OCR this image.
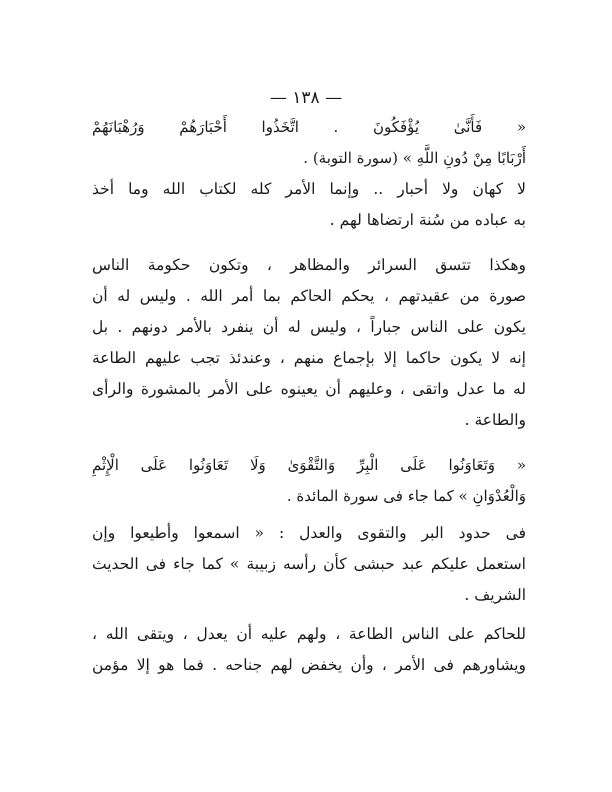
— ١٣٨ —
« فَأَنَّىٰ يُؤْفَكُونَ . اتَّخَذُوا أَحْبَارَهُمْ وَرُهْبَانَهُمْ
أَرْبَابًا مِنْ دُونِ اللَّهِ » (سورة التوبة) .
لا كهان ولا أحبار .. وإنما الأمر كله لكتاب الله وما أخذ
به عباده من سُنة ارتضاها لهم .
وهكذا تتسق السرائر والمظاهر ، وتكون حكومة الناس
صورة من عقيدتهم ، يحكم الحاكم بما أمر الله . وليس له أن
يكون على الناس جباراً ، وليس له أن ينفرد بالأمر دونهم . بل
إنه لا يكون حاكما إلا بإجماع منهم ، وعندئذ تجب عليهم الطاعة
له ما عدل واتقى ، وعليهم أن يعينوه على الأمر بالمشورة والرأى
والطاعة .
« وَتَعَاوَنُوا عَلَى الْبِرِّ وَالتَّقْوَىٰ وَلَا تَعَاوَنُوا عَلَى الْإِثْمِ
وَالْعُدْوَانِ » كما جاء فى سورة المائدة .
فى حدود البر والتقوى والعدل : « اسمعوا وأطيعوا وإن
استعمل عليكم عبد حبشى كأن رأسه زبيبة » كما جاء فى الحديث
الشريف .
للحاكم على الناس الطاعة ، ولهم عليه أن يعدل ، ويتقى الله ،
ويشاورهم فى الأمر ، وأن يخفض لهم جناحه . فما هو إلا مؤمن
